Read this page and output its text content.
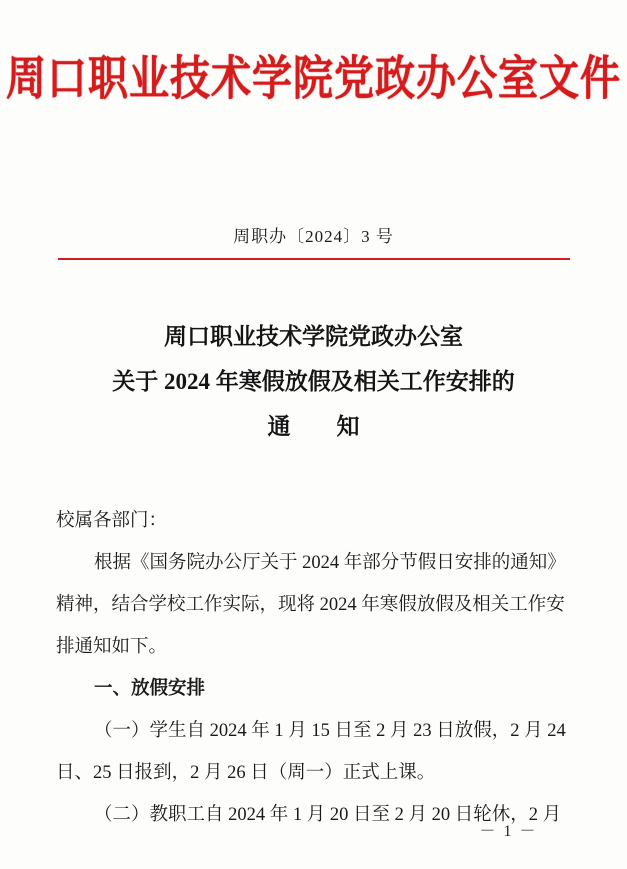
周口职业技术学院党政办公室文件
周职办〔2024〕3 号
周口职业技术学院党政办公室
关于 2024 年寒假放假及相关工作安排的
通　　知

校属各部门：

根据《国务院办公厅关于 2024 年部分节假日安排的通知》

精神，结合学校工作实际，现将 2024 年寒假放假及相关工作安

排通知如下。

一、放假安排

（一）学生自 2024 年 1 月 15 日至 2 月 23 日放假，2 月 24

日、25 日报到，2 月 26 日（周一）正式上课。

（二）教职工自 2024 年 1 月 20 日至 2 月 20 日轮休，2 月

－ 1 －
